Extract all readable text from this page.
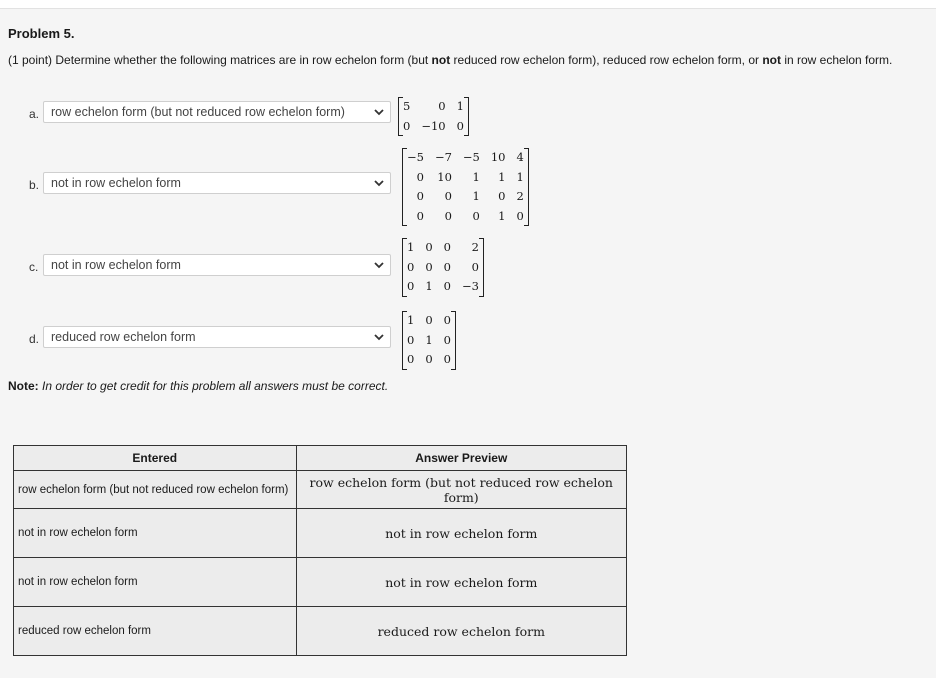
Problem 5.
(1 point) Determine whether the following matrices are in row echelon form (but not reduced row echelon form), reduced row echelon form, or not in row echelon form.
a. row echelon form (but not reduced row echelon form)	5	0 1
0 −10 0
b. not in row echelon form
−5 −7 −5 10 4
0 10	1	1 1
0	0	1	0 2
0	0	0	1 0
c. not in row echelon form
1 0 0	2
0 0 0	0
0 1 0 −3
d. reduced row echelon form
1 0 0
0 1 0
0 0 0
Note: In order to get credit for this problem all answers must be correct.
Entered	Answer Preview
row echelon form (but not reduced row echelon form)	row echelon form (but not reduced row echelon form)
not in row echelon form	not in row echelon form
not in row echelon form	not in row echelon form
reduced row echelon form	reduced row echelon form
